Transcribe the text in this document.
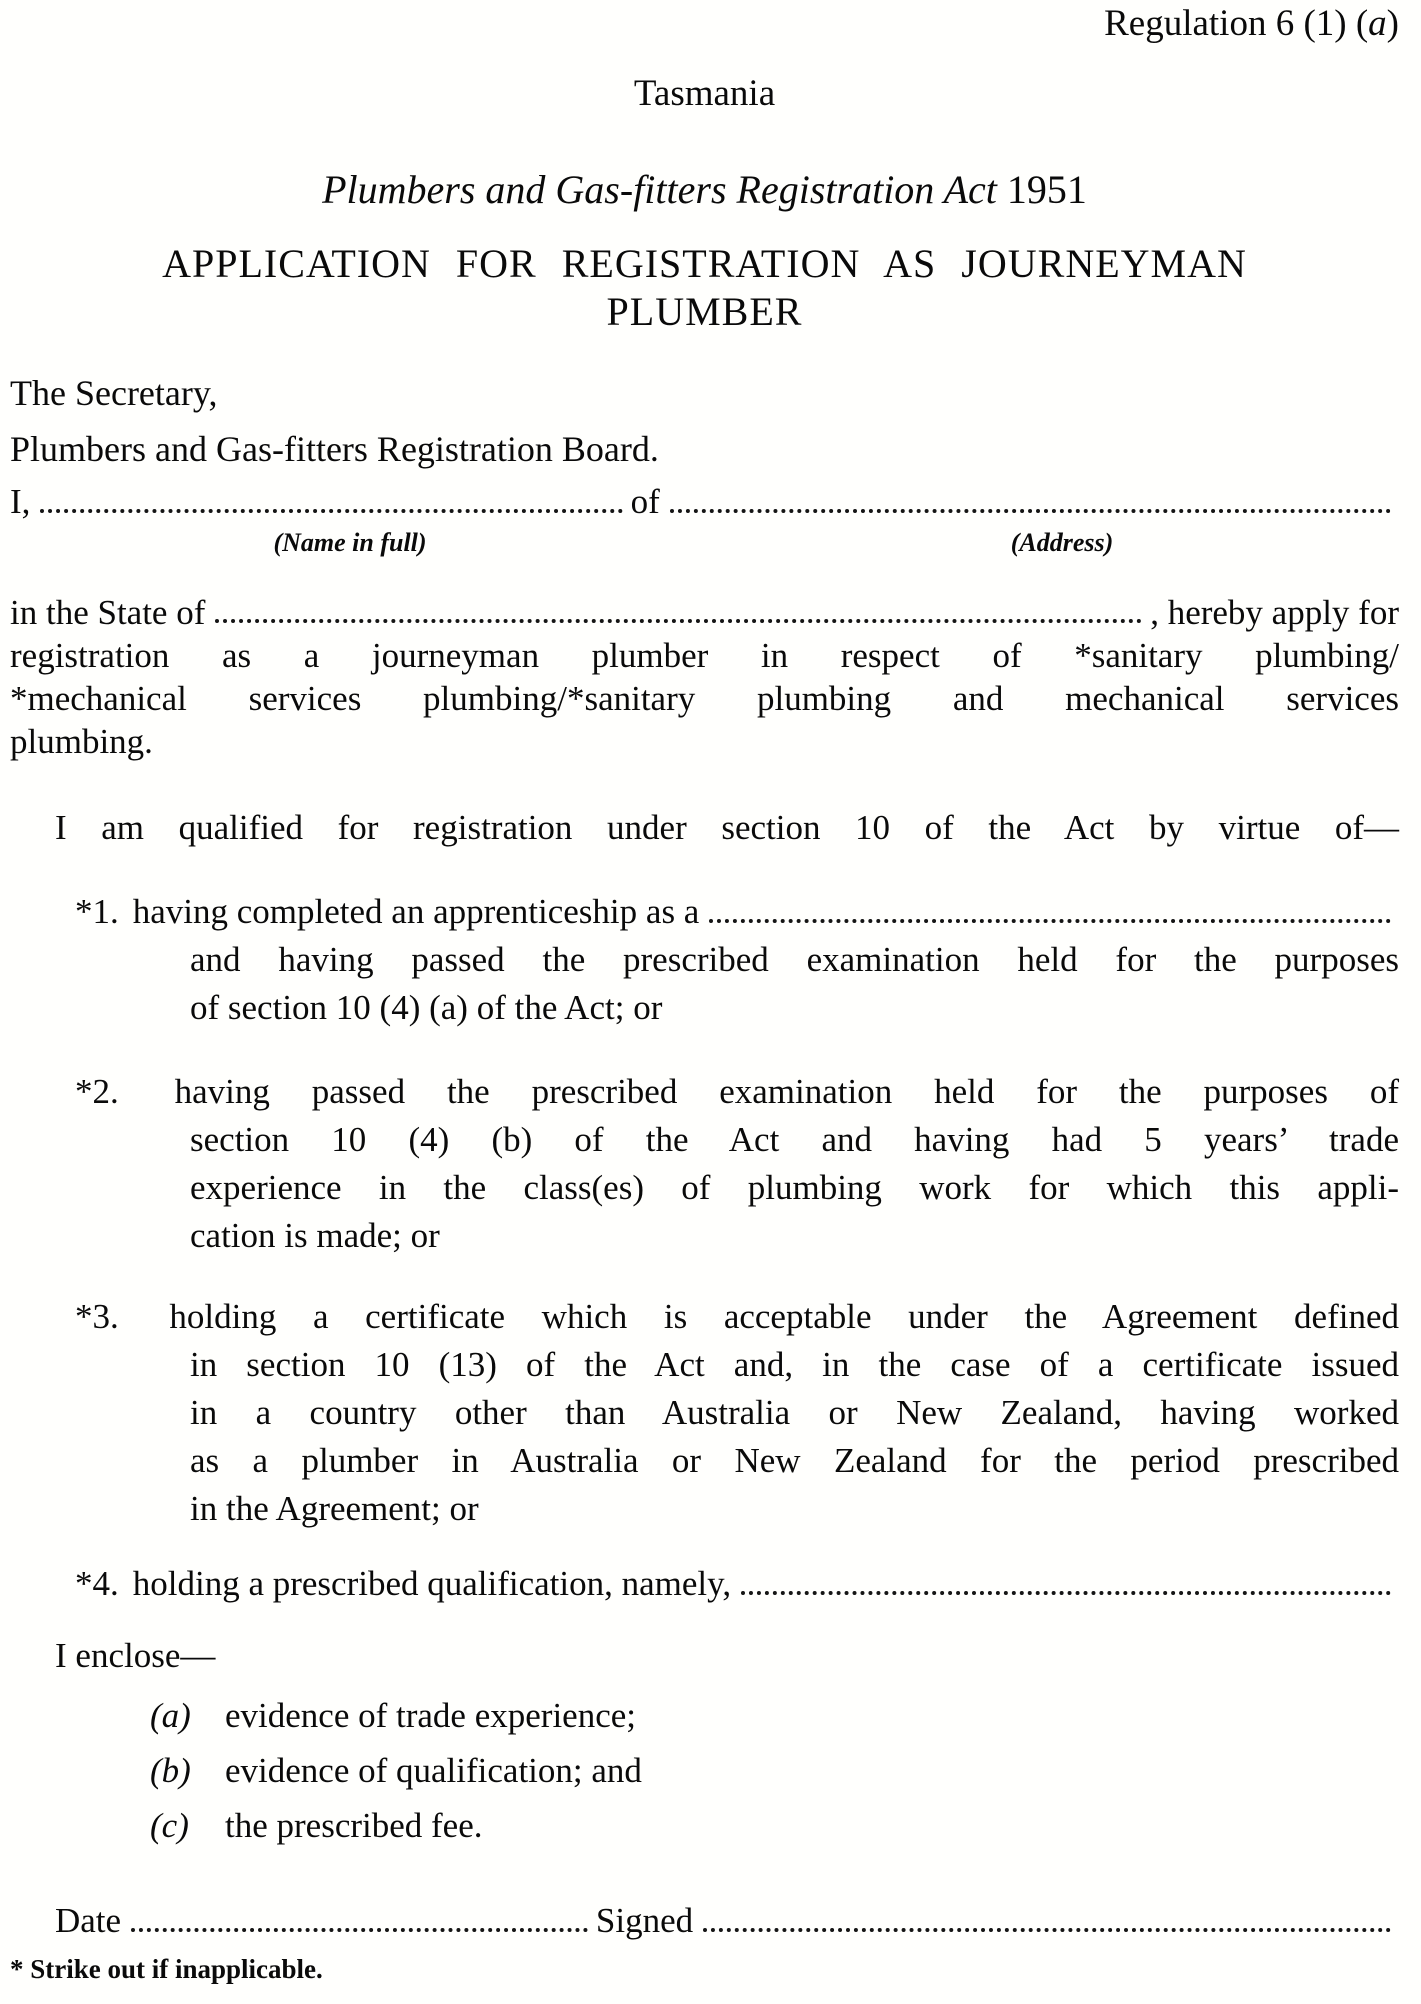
Regulation 6 (1) (a)
Tasmania
Plumbers and Gas-fitters Registration Act 1951
APPLICATION FOR REGISTRATION AS JOURNEYMAN
PLUMBER
The Secretary,
Plumbers and Gas-fitters Registration Board.
I,	of
(Name in full)	(Address)
in the State of	, hereby apply for
registration as a journeyman plumber in respect of *sanitary plumbing/
*mechanical services plumbing/*sanitary plumbing and mechanical services
plumbing.
I am qualified for registration under section 10 of the Act by virtue of—
*1. having completed an apprenticeship as a
and having passed the prescribed examination held for the purposes
of section 10 (4) (a) of the Act; or
*2. having passed the prescribed examination held for the purposes of
section 10 (4) (b) of the Act and having had 5 years’ trade
experience in the class(es) of plumbing work for which this appli-
cation is made; or
*3. holding a certificate which is acceptable under the Agreement defined
in section 10 (13) of the Act and, in the case of a certificate issued
in a country other than Australia or New Zealand, having worked
as a plumber in Australia or New Zealand for the period prescribed
in the Agreement; or
*4. holding a prescribed qualification, namely,
I enclose—
(a) evidence of trade experience;
(b) evidence of qualification; and
(c) the prescribed fee.
Date	Signed
* Strike out if inapplicable.
